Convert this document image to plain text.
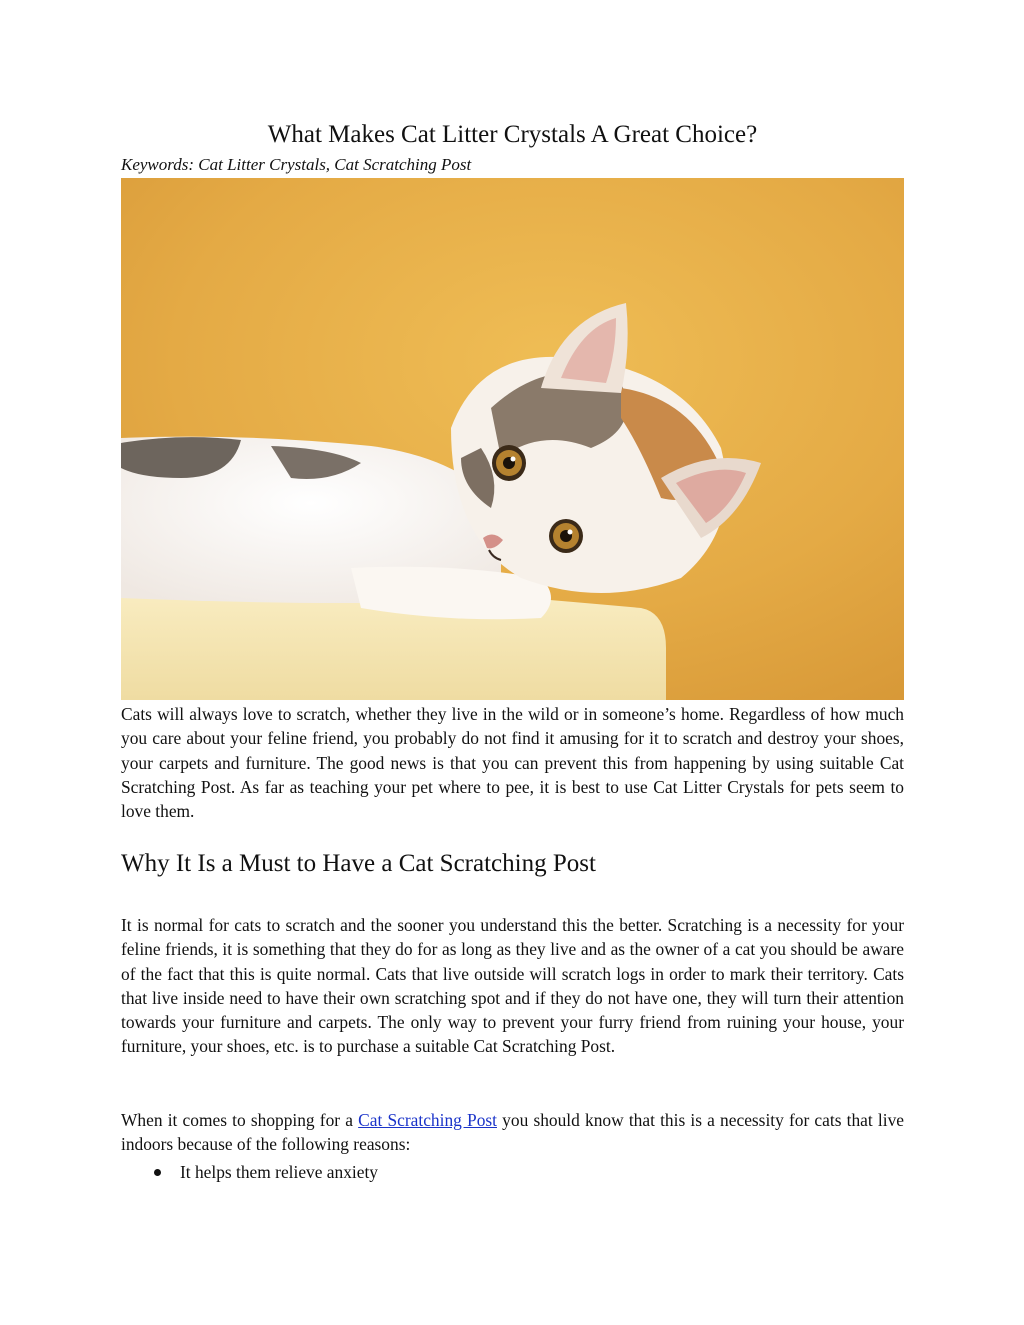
What Makes Cat Litter Crystals A Great Choice?
Keywords: Cat Litter Crystals, Cat Scratching Post

Cats will always love to scratch, whether they live in the wild or in someone’s home. Regardless of how much you care about your feline friend, you probably do not find it amusing for it to scratch and destroy your shoes, your carpets and furniture. The good news is that you can prevent this from happening by using suitable Cat Scratching Post. As far as teaching your pet where to pee, it is best to use Cat Litter Crystals for pets seem to love them.

Why It Is a Must to Have a Cat Scratching Post

It is normal for cats to scratch and the sooner you understand this the better. Scratching is a necessity for your feline friends, it is something that they do for as long as they live and as the owner of a cat you should be aware of the fact that this is quite normal. Cats that live outside will scratch logs in order to mark their territory. Cats that live inside need to have their own scratching spot and if they do not have one, they will turn their attention towards your furniture and carpets. The only way to prevent your furry friend from ruining your house, your furniture, your shoes, etc. is to purchase a suitable Cat Scratching Post.

When it comes to shopping for a Cat Scratching Post you should know that this is a necessity for cats that live indoors because of the following reasons:

It helps them relieve anxiety
